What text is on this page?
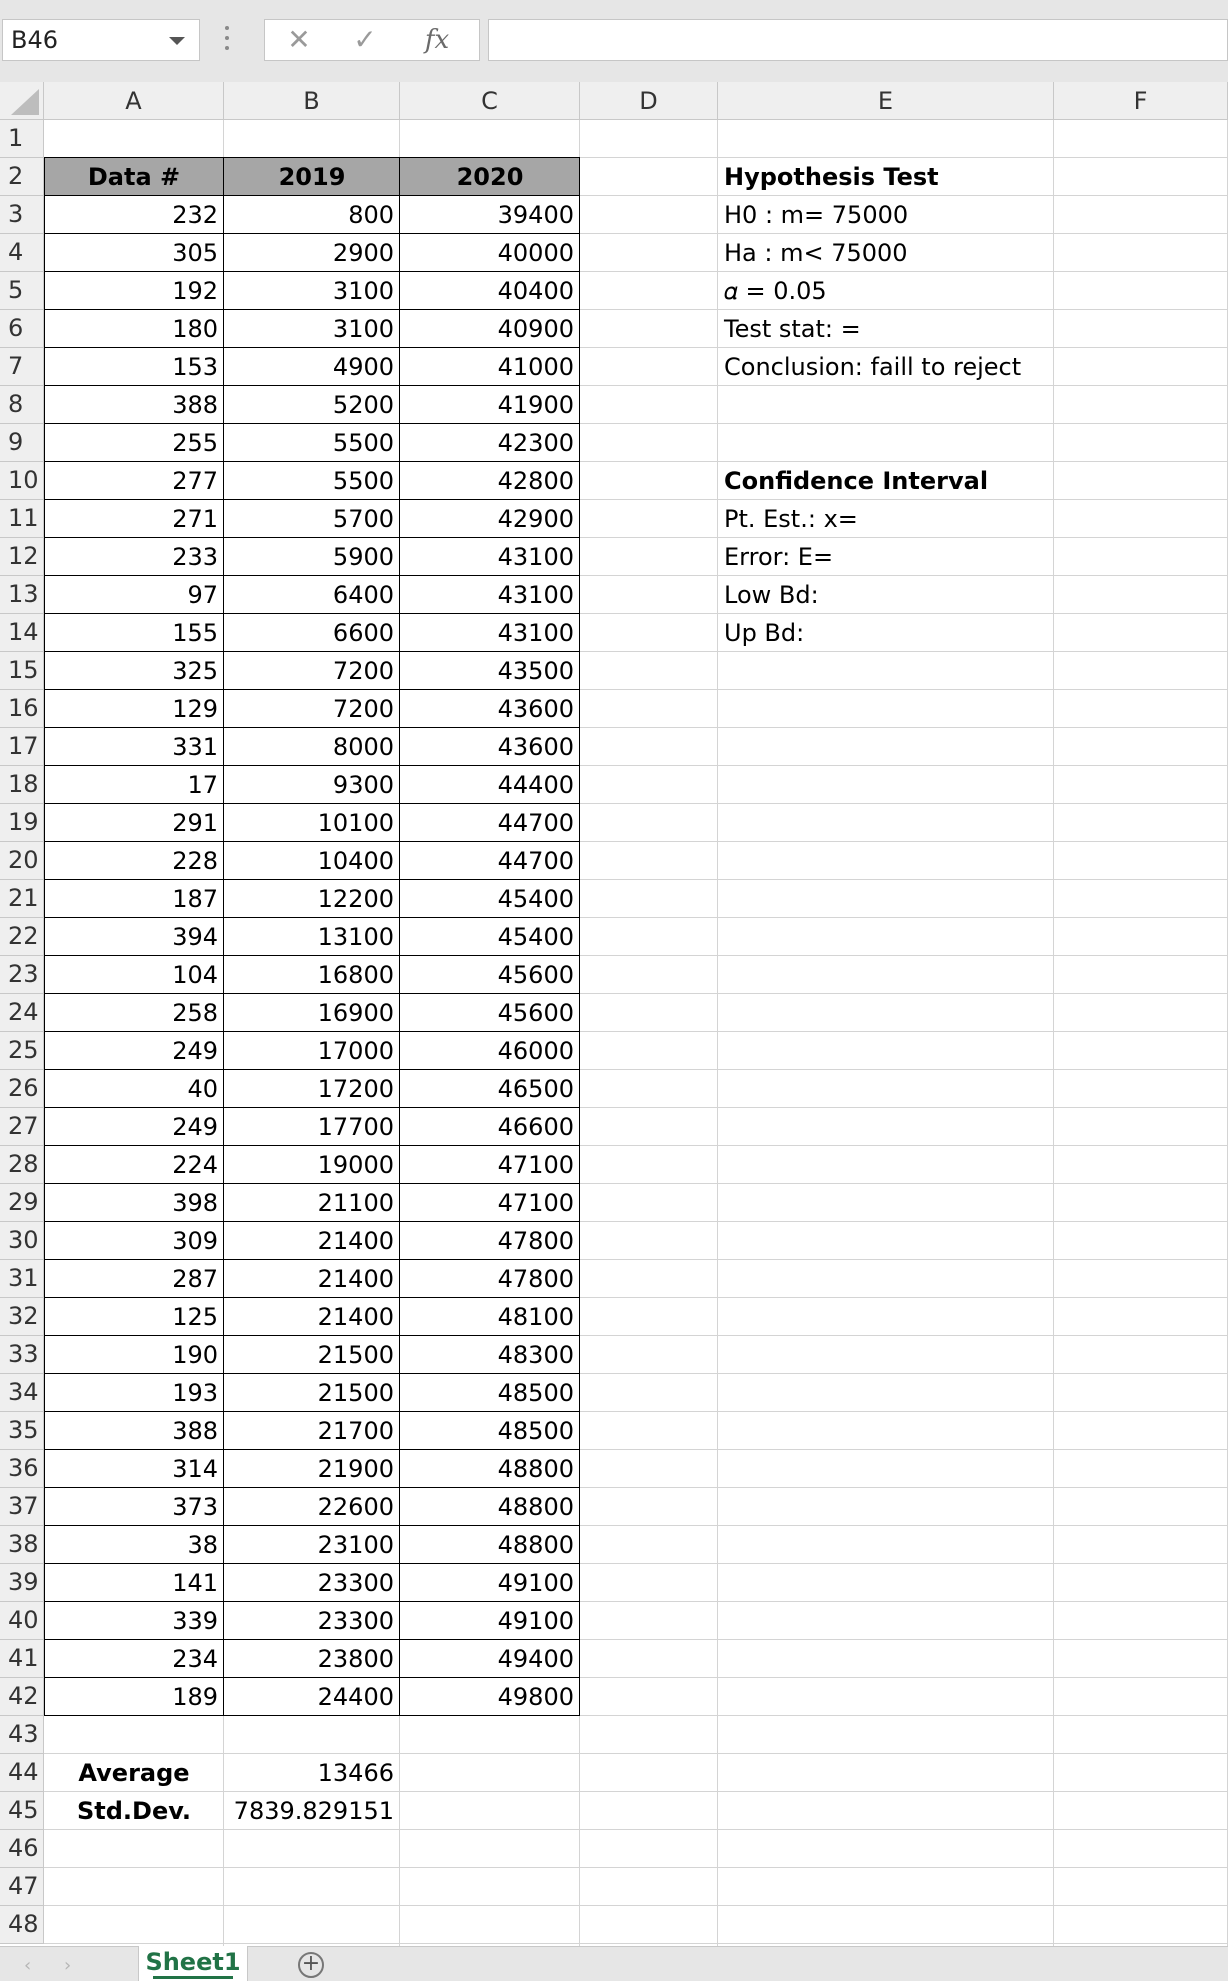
B46	✕	✓	fx
A	B	C	D	E	F
1
2
3
4
5
6
7
8
9
10
11
12
13
14
15
16
17
18
19
20
21
22
23
24
25
26
27
28
29
30
31
32
33
34
35
36
37
38
39
40
41
42
43
44
45
46
47
48
Data #	2019	2020
232	800	39400
305	2900	40000
192	3100	40400
180	3100	40900
153	4900	41000
388	5200	41900
255	5500	42300
277	5500	42800
271	5700	42900
233	5900	43100
97	6400	43100
155	6600	43100
325	7200	43500
129	7200	43600
331	8000	43600
17	9300	44400
291	10100	44700
228	10400	44700
187	12200	45400
394	13100	45400
104	16800	45600
258	16900	45600
249	17000	46000
40	17200	46500
249	17700	46600
224	19000	47100
398	21100	47100
309	21400	47800
287	21400	47800
125	21400	48100
190	21500	48300
193	21500	48500
388	21700	48500
314	21900	48800
373	22600	48800
38	23100	48800
141	23300	49100
339	23300	49100
234	23800	49400
189	24400	49800
Average	13466
Std.Dev.	7839.829151
Hypothesis Test
H0 : m= 75000
Ha : m< 75000
𝛼 = 0.05
Test stat: =
Conclusion: faill to reject
Confidence Interval
Pt. Est.: x=
Error: E=
Low Bd:
Up Bd:
‹ ›	Sheet1	+
